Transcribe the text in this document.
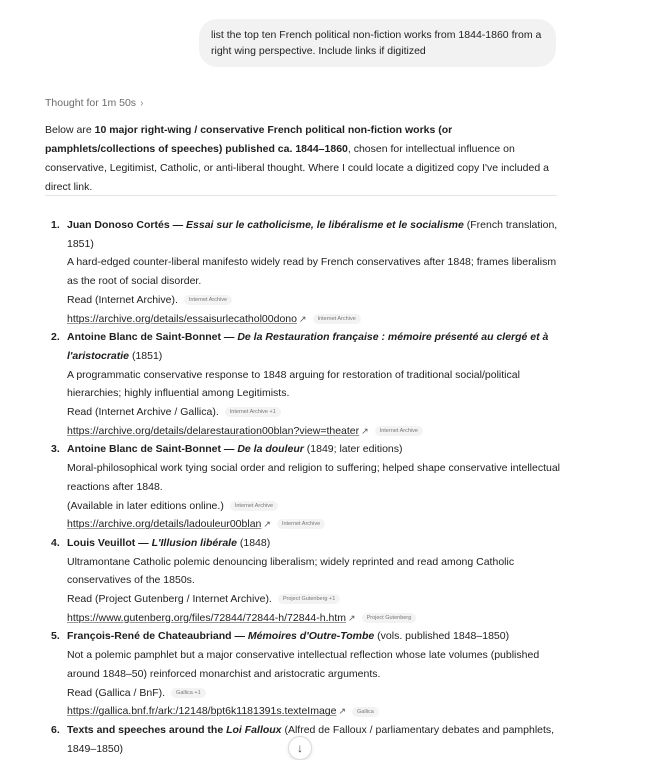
list the top ten French political non-fiction works from 1844-1860 from a right wing perspective. Include links if digitized
Thought for 1m 50s ›
Below are 10 major right-wing / conservative French political non-fiction works (or pamphlets/collections of speeches) published ca. 1844–1860, chosen for intellectual influence on conservative, Legitimist, Catholic, or anti-liberal thought. Where I could locate a digitized copy I've included a direct link.
1. Juan Donoso Cortés — Essai sur le catholicisme, le libéralisme et le socialisme (French translation, 1851)
A hard-edged counter-liberal manifesto widely read by French conservatives after 1848; frames liberalism as the root of social disorder.
Read (Internet Archive). Internet Archive
https://archive.org/details/essaisurlecathol00dono ↗ Internet Archive
2. Antoine Blanc de Saint-Bonnet — De la Restauration française : mémoire présenté au clergé et à l'aristocratie (1851)
A programmatic conservative response to 1848 arguing for restoration of traditional social/political hierarchies; highly influential among Legitimists.
Read (Internet Archive / Gallica). Internet Archive +1
https://archive.org/details/delarestauration00blan?view=theater ↗ Internet Archive
3. Antoine Blanc de Saint-Bonnet — De la douleur (1849; later editions)
Moral-philosophical work tying social order and religion to suffering; helped shape conservative intellectual reactions after 1848.
(Available in later editions online.) Internet Archive
https://archive.org/details/ladouleur00blan ↗ Internet Archive
4. Louis Veuillot — L'Illusion libérale (1848)
Ultramontane Catholic polemic denouncing liberalism; widely reprinted and read among Catholic conservatives of the 1850s.
Read (Project Gutenberg / Internet Archive). Project Gutenberg +1
https://www.gutenberg.org/files/72844/72844-h/72844-h.htm ↗ Project Gutenberg
5. François-René de Chateaubriand — Mémoires d'Outre-Tombe (vols. published 1848–1850)
Not a polemic pamphlet but a major conservative intellectual reflection whose late volumes (published around 1848–50) reinforced monarchist and aristocratic arguments.
Read (Gallica / BnF). Gallica +1
https://gallica.bnf.fr/ark:/12148/bpt6k1181391s.texteImage ↗ Gallica
6. Texts and speeches around the Loi Falloux (Alfred de Falloux / parliamentary debates and pamphlets, 1849–1850)	↓
